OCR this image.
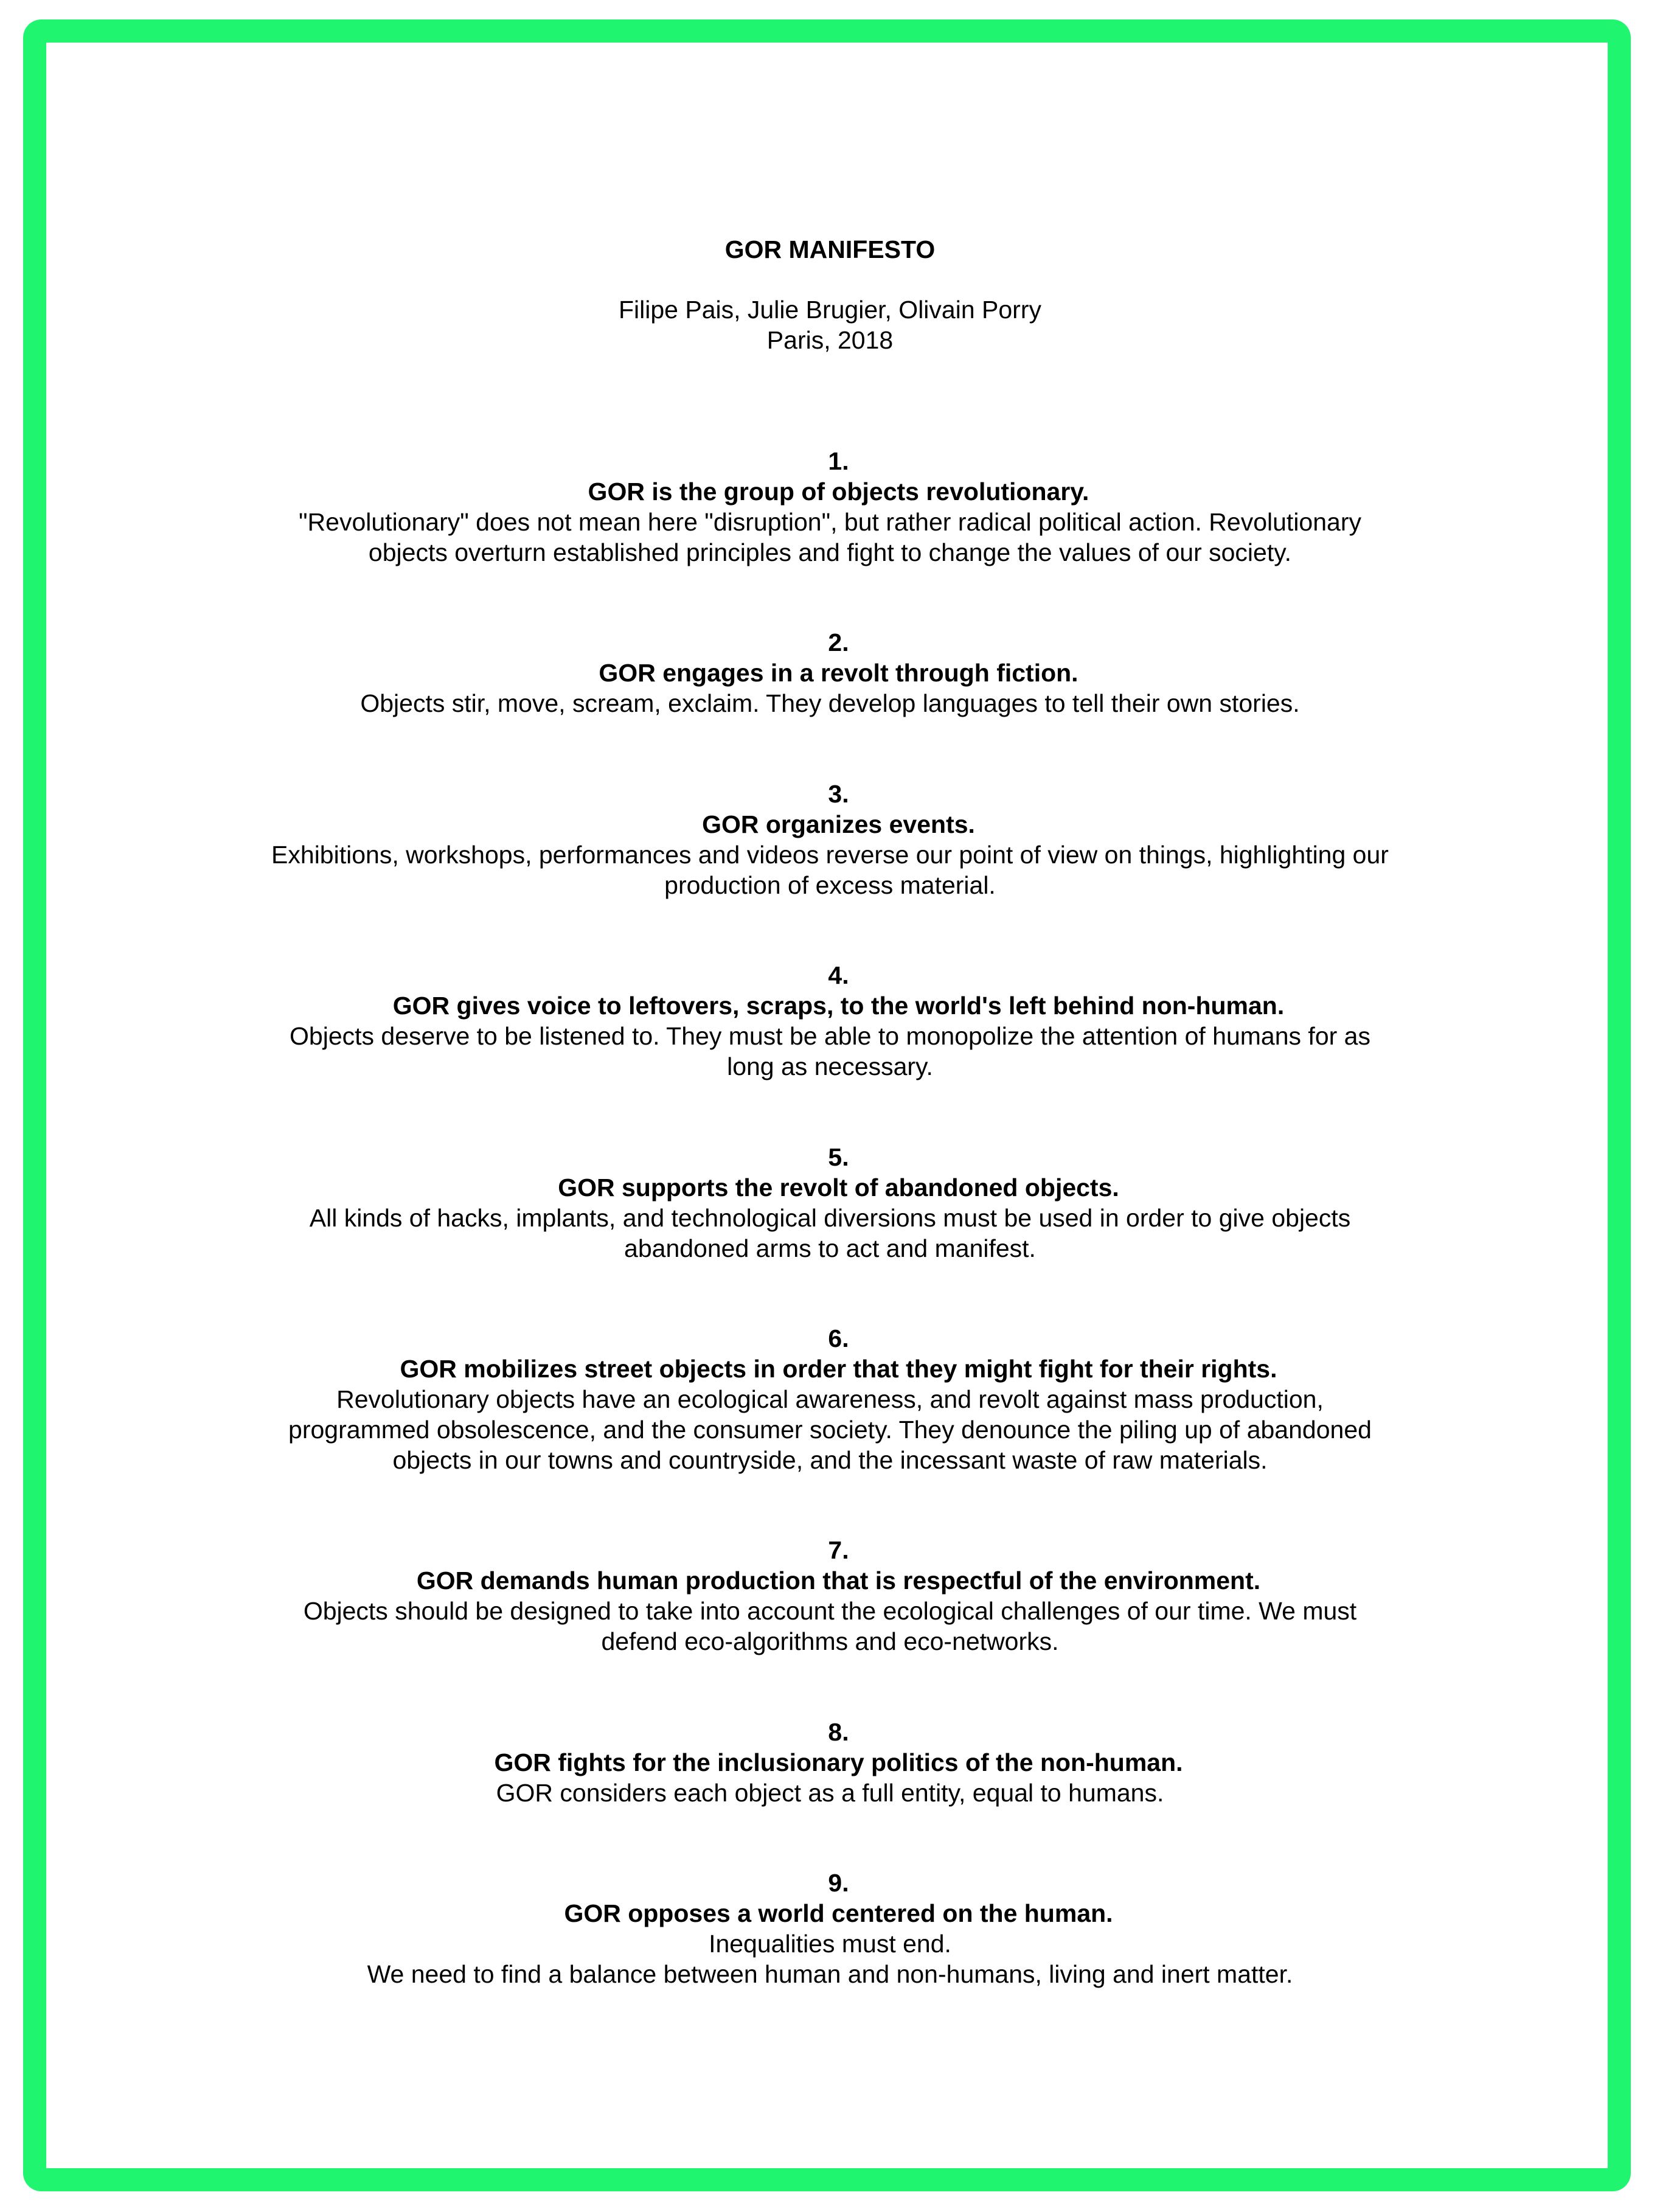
GOR MANIFESTO
Filipe Pais, Julie Brugier, Olivain Porry
Paris, 2018
1.
GOR is the group of objects revolutionary.
"Revolutionary" does not mean here "disruption", but rather radical political action. Revolutionary
objects overturn established principles and fight to change the values of our society.
2.
GOR engages in a revolt through fiction.
Objects stir, move, scream, exclaim. They develop languages to tell their own stories.
3.
GOR organizes events.
Exhibitions, workshops, performances and videos reverse our point of view on things, highlighting our
production of excess material.
4.
GOR gives voice to leftovers, scraps, to the world's left behind non-human.
Objects deserve to be listened to. They must be able to monopolize the attention of humans for as
long as necessary.
5.
GOR supports the revolt of abandoned objects.
All kinds of hacks, implants, and technological diversions must be used in order to give objects
abandoned arms to act and manifest.
6.
GOR mobilizes street objects in order that they might fight for their rights.
Revolutionary objects have an ecological awareness, and revolt against mass production,
programmed obsolescence, and the consumer society. They denounce the piling up of abandoned
objects in our towns and countryside, and the incessant waste of raw materials.
7.
GOR demands human production that is respectful of the environment.
Objects should be designed to take into account the ecological challenges of our time. We must
defend eco-algorithms and eco-networks.
8.
GOR fights for the inclusionary politics of the non-human.
GOR considers each object as a full entity, equal to humans.
9.
GOR opposes a world centered on the human.
Inequalities must end.
We need to find a balance between human and non-humans, living and inert matter.
